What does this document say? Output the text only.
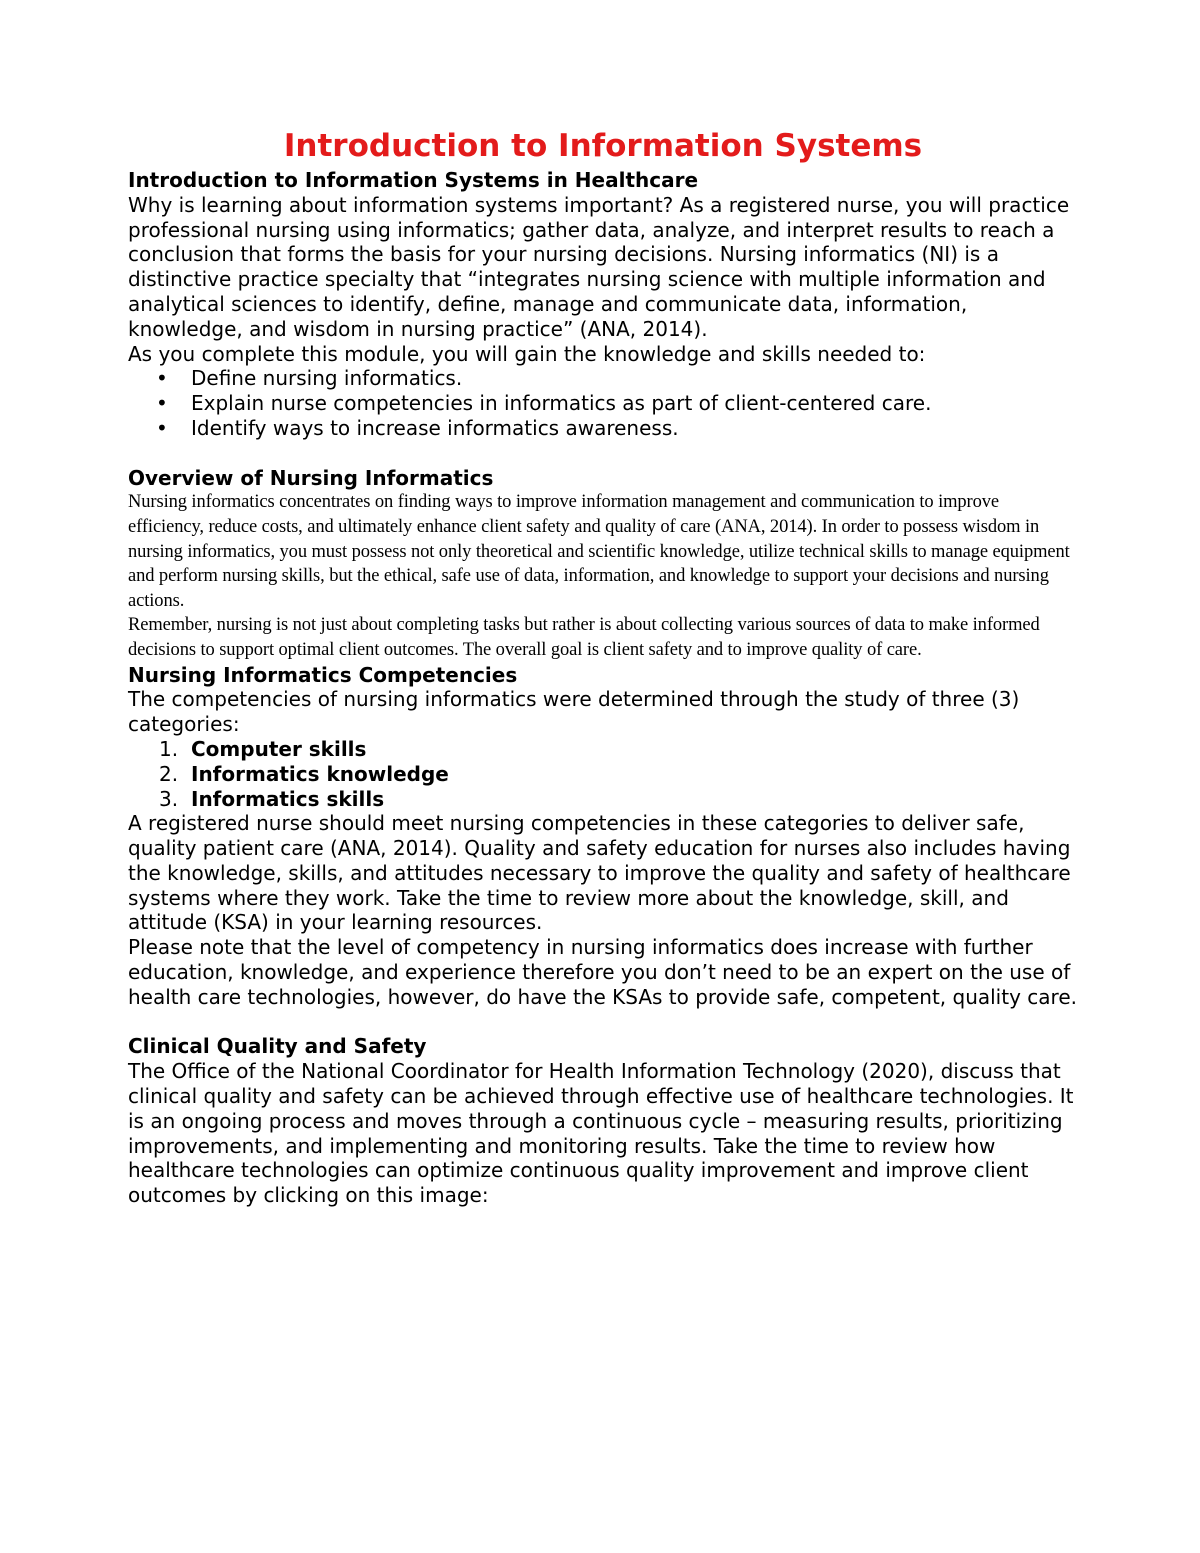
Introduction to Information Systems

Introduction to Information Systems in Healthcare

Why is learning about information systems important? As a registered nurse, you will practice professional nursing using informatics; gather data, analyze, and interpret results to reach a conclusion that forms the basis for your nursing decisions. Nursing informatics (NI) is a distinctive practice specialty that “integrates nursing science with multiple information and analytical sciences to identify, define, manage and communicate data, information, knowledge, and wisdom in nursing practice” (ANA, 2014).

As you complete this module, you will gain the knowledge and skills needed to:

• Define nursing informatics.
• Explain nurse competencies in informatics as part of client-centered care.
• Identify ways to increase informatics awareness.

Overview of Nursing Informatics

Nursing informatics concentrates on finding ways to improve information management and communication to improve efficiency, reduce costs, and ultimately enhance client safety and quality of care (ANA, 2014). In order to possess wisdom in nursing informatics, you must possess not only theoretical and scientific knowledge, utilize technical skills to manage equipment and perform nursing skills, but the ethical, safe use of data, information, and knowledge to support your decisions and nursing actions.

Remember, nursing is not just about completing tasks but rather is about collecting various sources of data to make informed decisions to support optimal client outcomes. The overall goal is client safety and to improve quality of care.

Nursing Informatics Competencies

The competencies of nursing informatics were determined through the study of three (3) categories:

1. Computer skills
2. Informatics knowledge
3. Informatics skills

A registered nurse should meet nursing competencies in these categories to deliver safe, quality patient care (ANA, 2014). Quality and safety education for nurses also includes having the knowledge, skills, and attitudes necessary to improve the quality and safety of healthcare systems where they work. Take the time to review more about the knowledge, skill, and attitude (KSA) in your learning resources.

Please note that the level of competency in nursing informatics does increase with further education, knowledge, and experience therefore you don’t need to be an expert on the use of health care technologies, however, do have the KSAs to provide safe, competent, quality care.

Clinical Quality and Safety

The Office of the National Coordinator for Health Information Technology (2020), discuss that clinical quality and safety can be achieved through effective use of healthcare technologies. It is an ongoing process and moves through a continuous cycle – measuring results, prioritizing improvements, and implementing and monitoring results. Take the time to review how healthcare technologies can optimize continuous quality improvement and improve client outcomes by clicking on this image:
